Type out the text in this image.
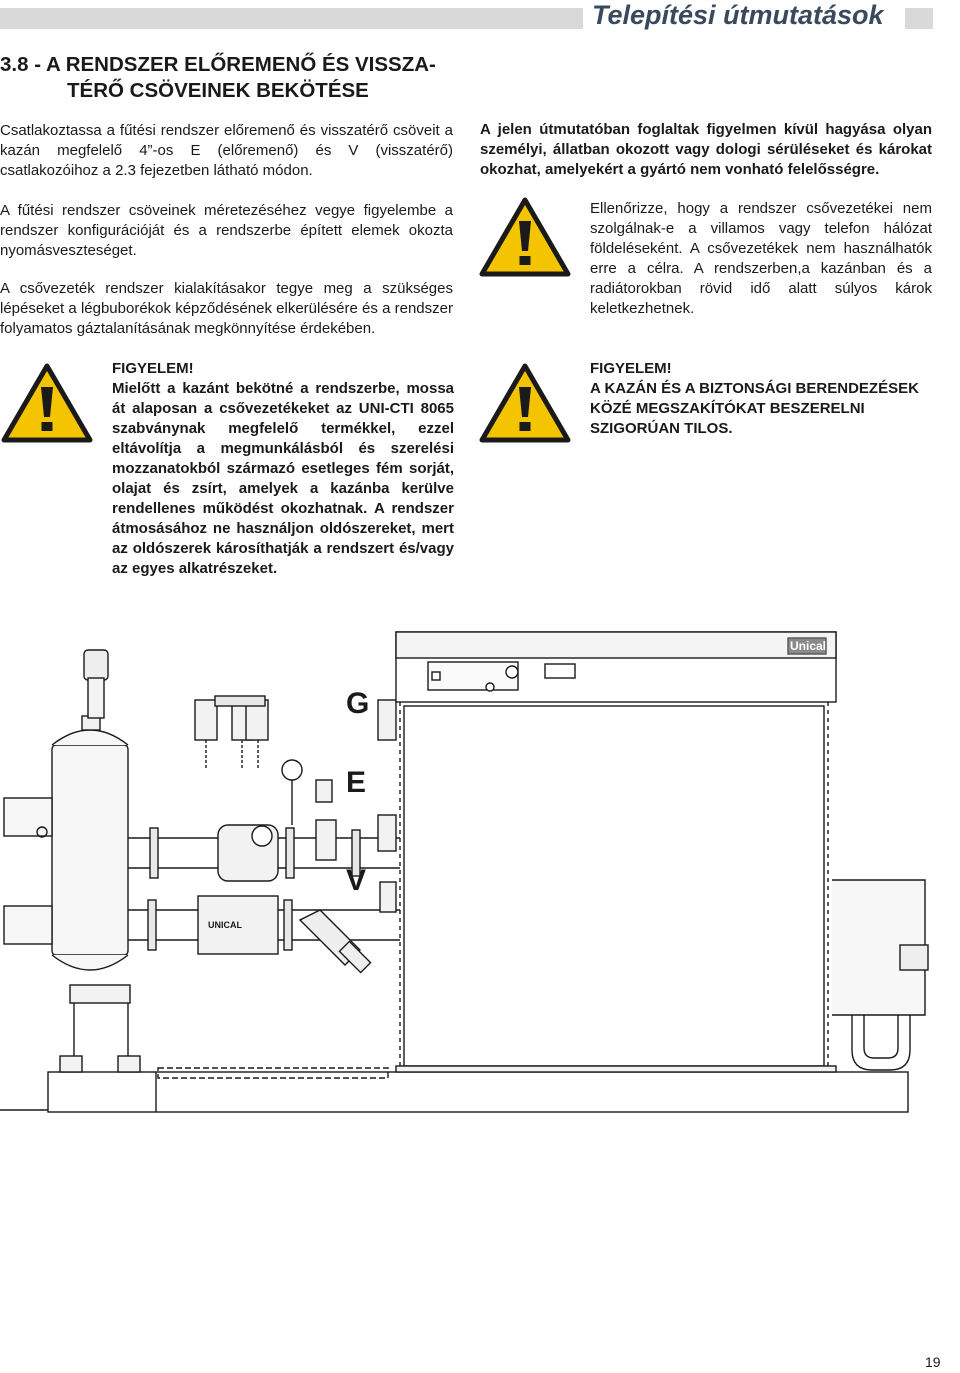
Telepítési útmutatások
3.8 - A RENDSZER ELŐREMENŐ ÉS VISSZA-
TÉRŐ CSÖVEINEK BEKÖTÉSE

Csatlakoztassa a fűtési rendszer előremenő és visszatérő csöveit a kazán megfelelő 4”-os E (előremenő) és V (visszatérő) csatlakozóihoz a 2.3 fejezetben látható módon.

A fűtési rendszer csöveinek méretezéséhez vegye figyelembe a rendszer konfigurációját és a rendszerbe épített elemek okozta nyomásveszteséget.

A csővezeték rendszer kialakításakor tegye meg a szükséges lépéseket a légbuborékok képződésének elkerülésére és a rendszer folyamatos gáztalanításának megkönnyítése érdekében.

A jelen útmutatóban foglaltak figyelmen kívül hagyása olyan személyi, állatban okozott vagy dologi sérüléseket és károkat okozhat, amelyekért a gyártó nem vonható felelősségre.

Ellenőrizze, hogy a rendszer csővezetékei nem szolgálnak-e a villamos vagy telefon hálózat földeléseként. A csővezetékek nem használhatók erre a célra. A rendszerben,a kazánban és a radiátorokban rövid idő alatt súlyos károk keletkezhetnek.

FIGYELEM!
Mielőtt a kazánt bekötné a rendszerbe, mossa át alaposan a csővezetékeket az UNI-CTI 8065 szabványnak megfelelő termékkel, ezzel eltávolítja a megmunkálásból és szerelési mozzanatokból származó esetleges fém sorját, olajat és zsírt, amelyek a kazánba kerülve rendellenes működést okozhatnak. A rendszer átmosásához ne használjon oldószereket, mert az oldószerek károsíthatják a rendszert és/vagy az egyes alkatrészeket.
FIGYELEM!
A KAZÁN ÉS A BIZTONSÁGI BERENDEZÉSEK KÖZÉ MEGSZAKÍTÓKAT BESZERELNI SZIGORÚAN TILOS.
G
E
V
Unical
UNICAL
19
